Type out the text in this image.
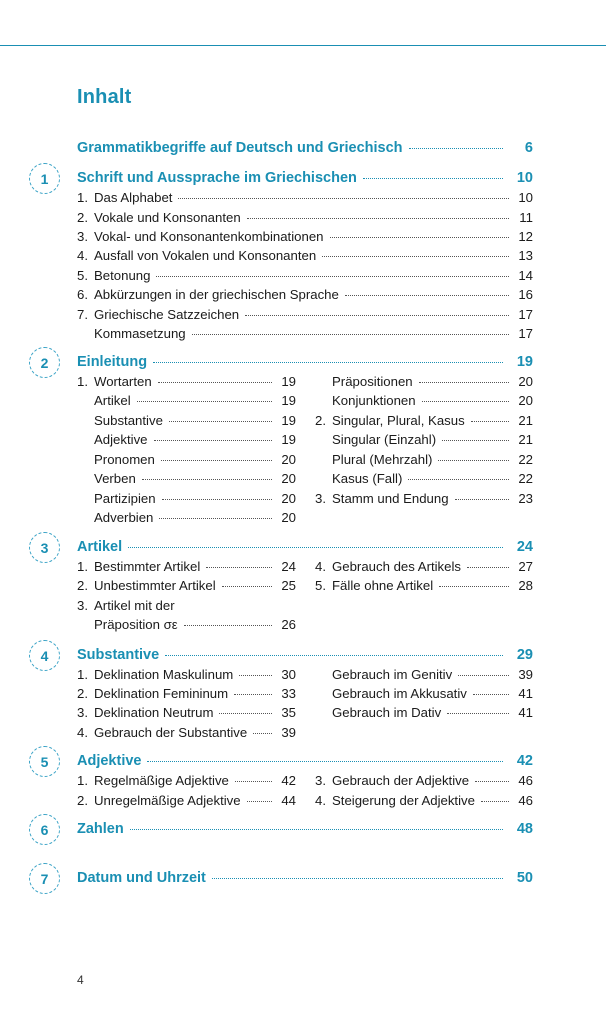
Inhalt
Grammatikbegriffe auf Deutsch und Griechisch	6
1	Schrift und Aussprache im Griechischen	10
1. Das Alphabet	10
2. Vokale und Konsonanten	11
3. Vokal- und Konsonantenkombinationen	12
4. Ausfall von Vokalen und Konsonanten	13
5. Betonung	14
6. Abkürzungen in der griechischen Sprache	16
7. Griechische Satzzeichen	17
Kommasetzung	17
2	Einleitung	19
1. Wortarten	19
Artikel	19
Substantive	19
Adjektive	19
Pronomen	20
Verben	20
Partizipien	20
Adverbien	20
Präpositionen	20
Konjunktionen	20
2. Singular, Plural, Kasus	21
Singular (Einzahl)	21
Plural (Mehrzahl)	22
Kasus (Fall)	22
3. Stamm und Endung	23
3	Artikel	24
1. Bestimmter Artikel	24
2. Unbestimmter Artikel	25
3. Artikel mit der
Präposition σε	26
4. Gebrauch des Artikels	27
5. Fälle ohne Artikel	28
4	Substantive	29
1. Deklination Maskulinum	30
2. Deklination Femininum	33
3. Deklination Neutrum	35
4. Gebrauch der Substantive	39
Gebrauch im Genitiv	39
Gebrauch im Akkusativ	41
Gebrauch im Dativ	41
5	Adjektive	42
1. Regelmäßige Adjektive	42
2. Unregelmäßige Adjektive	44
3. Gebrauch der Adjektive	46
4. Steigerung der Adjektive	46
6	Zahlen	48
7	Datum und Uhrzeit	50
4
